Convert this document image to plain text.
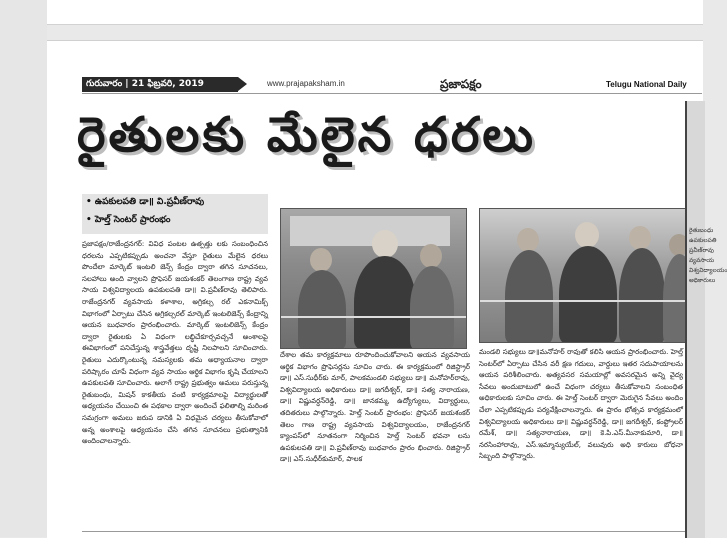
గురువారం | 21 ఫిబ్రవరి, 2019	www.prajapaksham.in	ప్రజాపక్షం	Telugu National Daily
రైతులకు మేలైన ధరలు
• ఉపకులపతి డా॥ వి.ప్రవీణ్‌రావు
• హెల్త్ సెంటర్ ప్రారంభం
ప్రజాపక్షం/రాజేంద్రనగర్: వివిధ పంటల ఉత్పత్తు లకు సంబంధించిన ధరలను ఎప్పటికప్పుడు అంచనా వేస్తూ రైతులు మేలైన ధరలు పొందేలా మార్కెట్ ఇంటలి జెన్స్ కేంద్రం ద్వారా తగిన సూచనలు, సలహాలు అంది వ్వాలని ప్రొఫెసర్ జయశంకర్ తెలంగాణ రాష్ట్ర వ్యవ సాయ విశ్వవిద్యాలయ ఉపకులపతి డా॥ వి.ప్రవీణ్‌రావు తెలిపారు. రాజేంద్రనగర్ వ్యవసాయ కళాశాల, అగ్రికల్చ రల్ ఎకనామిక్స్ విభాగంలో ఏర్పాటు చేసిన అగ్రికల్చరల్ మార్కెట్ ఇంటలిజెన్స్ కేంద్రాన్ని ఆయన బుధవారం ప్రారంభించారు. మార్కెట్ ఇంటలిజెన్స్ కేంద్రం ద్వారా రైతులకు ఏ విధంగా లబ్ధిచేకూర్చవచ్చనే అంశాలపై ఈవిభాగంలో పనిచేస్తున్న శాస్త్రవేత్తలు దృష్టి నిలపాలని సూచించారు. రైతులు ఎదుర్కొంటున్న సమస్యలకు తమ అధ్యాయనాల ద్వారా పరిష్కారం చూపే విధంగా వ్యవ సాయం ఆర్థిక విభాగం కృషి చేయాలని ఉపకులపతి సూచించారు. అలాగే రాష్ట్ర ప్రభుత్వం అమలు పరుస్తున్న రైతుబంధు, మిషన్ కాకతీయ వంటి కార్యక్రమాలపై విద్యార్థులతో అధ్యయనం చేయించి ఈ పథకాల ద్వారా అందించే ఫలితాల్ని మరింత సమగ్రంగా అమలు జరుప డానికి ఏ విధమైన చర్యలు తీసుకోవాలో అన్న అంశాలపై అధ్యయనం చేసి తగిన సూచనలు ప్రభుత్వానికి అందించాలన్నారు.
దేశాల తమ కార్యక్రమాలు రూపొందించుకోవాలని ఆయన వ్యవసాయ ఆర్థిక విభాగం ప్రొఫెసర్లను సూచిం చారు. ఈ కార్యక్రమంలో రిజిస్ట్రార్ డా॥ ఎస్.సుధీర్‌కు మార్, పాలకమండలి సభ్యులు డా॥ మనోహర్‌రావు, విశ్వవిద్యాలయ అధికారులు డా॥ జగదీశ్వర్, డా॥ సత్య నారాయణ, డా॥ విష్ణువర్ధన్‌రెడ్డి, డా॥ జానకమ్మ, ఉద్యోగ్యులు, విద్యార్థులు, తదితరులు పాల్గొన్నారు. హెల్త్ సెంటర్ ప్రారంభం: ప్రొఫెసర్ జయశంకర్ తెలం గాణ రాష్ట్ర వ్యవసాయ విశ్వవిద్యాలయం, రాజేంద్రనగర్ క్యాంపస్‌లో నూతనంగా నిర్మించిన హెల్త్ సెంటర్ భవనా లను ఉపకులపతి డా॥ వి.ప్రవీణ్‌రావు బుధవారం ప్రారం భించారు. రిజిస్ట్రార్ డా॥ ఎస్.సుధీర్‌కుమార్, పాలక
మండలి సభ్యులు డా॥మనోహర్ రావుతో కలిసి ఆయన ప్రారంభించారు. హెల్త్ సెంటర్‌లో ఏర్పాటు చేసిన వరీ క్షణ గదులు, వార్డులు ఇతర సదుపాయాలను ఆయన పరిశీలించారు. అత్యవసర సమయాల్లో అవసరమైన అన్ని వైద్య సేవలు అందుబాటులో ఉంచే విధంగా చర్యలు తీసుకోవాలని సంబంధిత అధికారులకు సూచిం చారు. ఈ హెల్త్ సెంటర్ ద్వారా మెరుగైన సేవలు అందిం చేలా ఎప్పటికప్పుడు పర్యవేక్షించాలన్నారు. ఈ ప్రారం భోత్సవ కార్యక్రమంలో విశ్వవిద్యాలయ అధికారులు డా॥ విష్ణువర్ధన్‌రెడ్డి, డా॥ జగదీశ్వర్, కంప్ట్రోలర్ రమేశ్, డా॥ సత్యనారాయణ, డా॥ కె.పి.ఎస్.మీనాకుమారి, డా॥ నరసింహారావు, ఎస్.ఇమ్మాన్యుయేల్, వలువురు అధి కారులు బోధనా సిబ్బంది పాల్గొన్నారు.
రైతుబంధు ఉపకులపతి ప్రవీణ్‌రావు వ్యవసాయ విశ్వవిద్యాలయం అధికారులు
